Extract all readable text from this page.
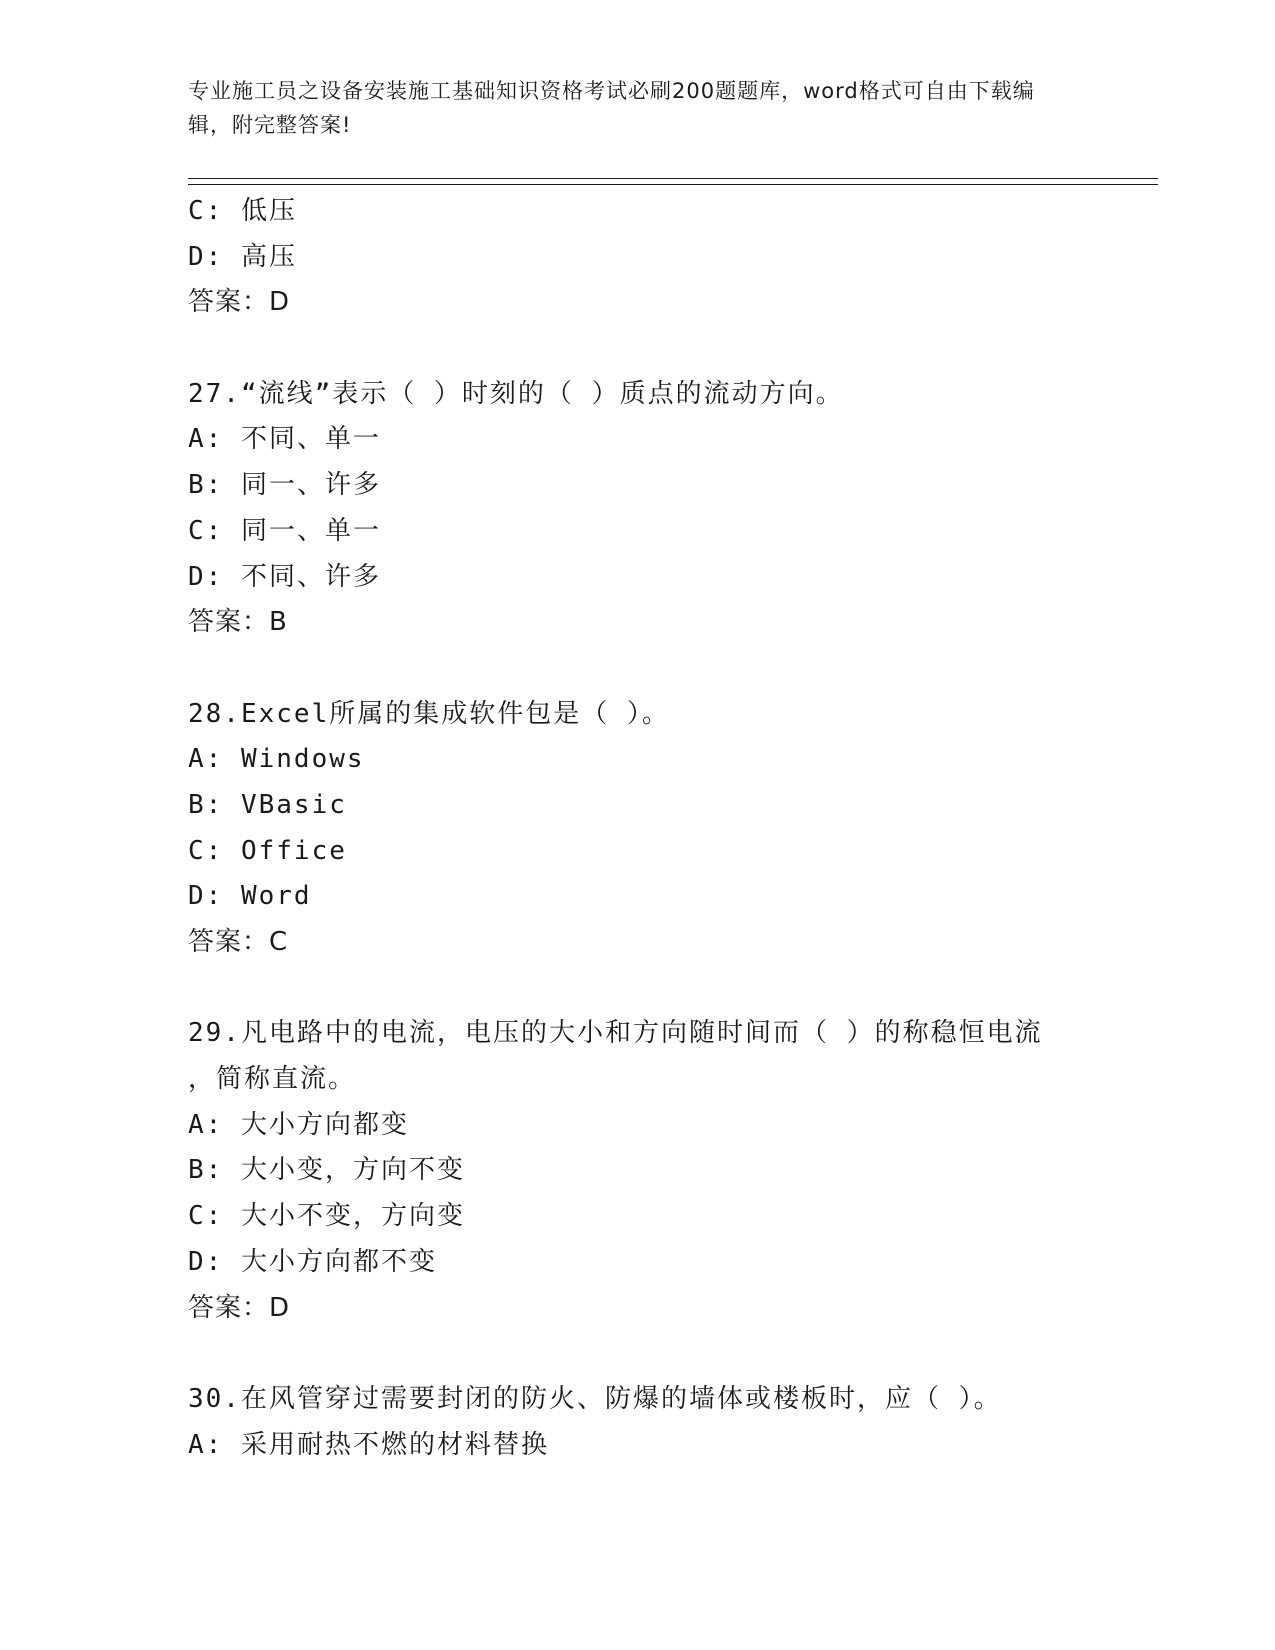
专业施工员之设备安装施工基础知识资格考试必刷200题题库，word格式可自由下载编辑，附完整答案!
C: 低压
D: 高压
答案：D
27.“流线”表示（ ）时刻的（ ）质点的流动方向。
A: 不同、单一
B: 同一、许多
C: 同一、单一
D: 不同、许多
答案：B
28.Excel所属的集成软件包是（ ）。
A: Windows
B: VBasic
C: Office
D: Word
答案：C
29.凡电路中的电流，电压的大小和方向随时间而（ ）的称稳恒电流
，简称直流。
A: 大小方向都变
B: 大小变，方向不变
C: 大小不变，方向变
D: 大小方向都不变
答案：D
30.在风管穿过需要封闭的防火、防爆的墙体或楼板时，应（ ）。
A: 采用耐热不燃的材料替换
